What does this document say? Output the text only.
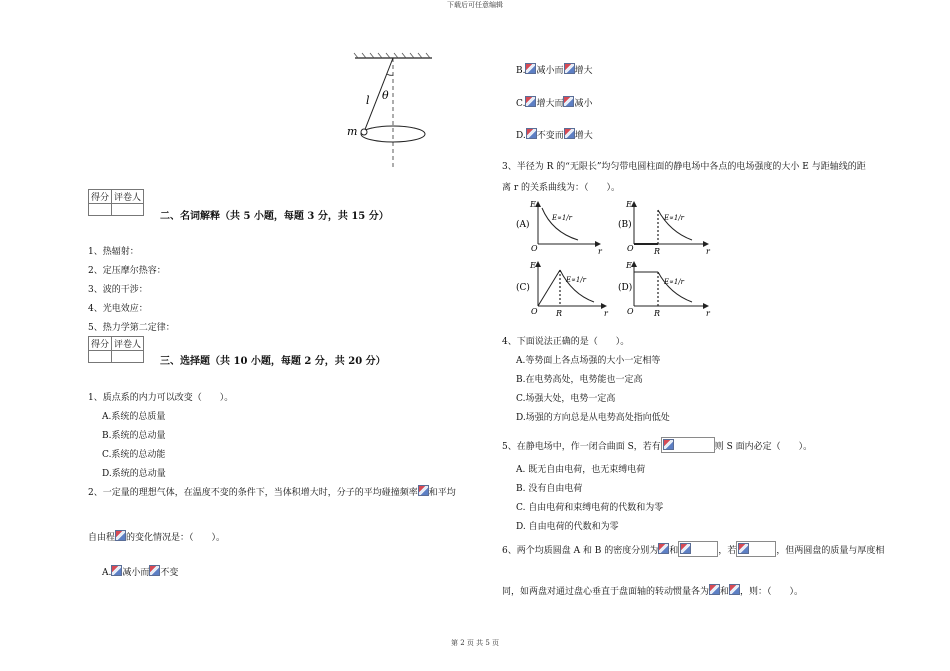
下载后可任意编辑
第 2 页 共 5 页
l θ
m
得分	评卷人

二、名词解释（共 5 小题，每题 3 分，共 15 分）
1、热辐射：
2、定压摩尔热容：
3、波的干涉：
4、光电效应：
5、热力学第二定律：
得分	评卷人

三、选择题（共 10 小题，每题 2 分，共 20 分）
1、质点系的内力可以改变（　　）。
A.系统的总质量
B.系统的总动量
C.系统的总动能
D.系统的总动量
2、一定量的理想气体，在温度不变的条件下，当体积增大时，分子的平均碰撞频率 和平均
自由程 的变化情况是：（　　）。
A. 减小而 不变
B. 减小而 增大
C. 增大而 减小
D. 不变而 增大
3、半径为 R 的“无限长”均匀带电圆柱面的静电场中各点的电场强度的大小 E 与距轴线的距
离 r 的关系曲线为：（　　）。
(A)
E
O	r
E∝1/r
(B)
E
O	r
R
E∝1/r
(C)
E
O	r
R
E∝1/r
(D)
E
O	r
R
E∝1/r
4、下面说法正确的是（　　）。
A.等势面上各点场强的大小一定相等
B.在电势高处，电势能也一定高
C.场强大处，电势一定高
D.场强的方向总是从电势高处指向低处
5、在静电场中，作一闭合曲面 S，若有	则 S 面内必定（　　）。
A. 既无自由电荷，也无束缚电荷
B. 没有自由电荷
C. 自由电荷和束缚电荷的代数和为零
D. 自由电荷的代数和为零
6、两个均质圆盘 A 和 B 的密度分别为 和	，若	，但两圆盘的质量与厚度相
同，如两盘对通过盘心垂直于盘面轴的转动惯量各为 和 ，则：（　　）。
